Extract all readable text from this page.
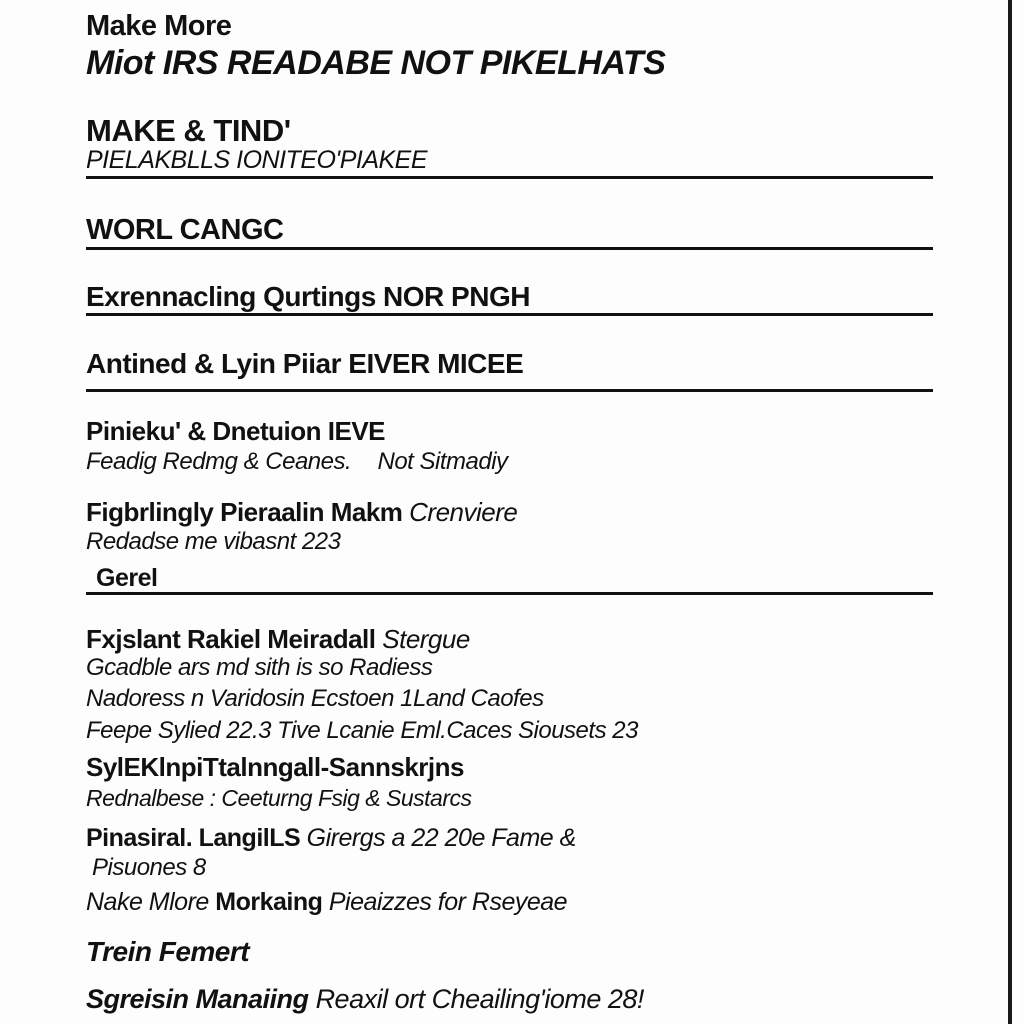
Make More
Miot IRS READABE NOT PIKELHATS
MAKE & TIND'
PIELAKBLLS IONITEO'PIAKEE
WORL CANGC
Exrennacling Qurtings NOR PNGH
Antined & Lyin Piiar EIVER MICEE
Pinieku' & Dnetuion IEVE
Feadig Redmg & Ceanes. Not Sitmadiy
Figbrlingly Pieraalin Makm Crenviere
Redadse me vibasnt 223
Gerel
Fxjslant Rakiel Meiradall Stergue
Gcadble ars md sith is so Radiess
Nadoress n Varidosin Ecstoen 1Land Caofes
Feepe Sylied 22.3 Tive Lcanie Eml.Caces Siousets 23
SylEKlnpiTtalnngall-Sannskrjns
Rednalbese : Ceeturng Fsig & Sustarcs
Pinasiral. LangilLS Girergs a 22 20e Fame &
Pisuones 8
Nake Mlore Morkaing Pieaizzes for Rseyeae
Trein Femert
Sgreisin Manaiing Reaxil ort Cheailing'iome 28!
